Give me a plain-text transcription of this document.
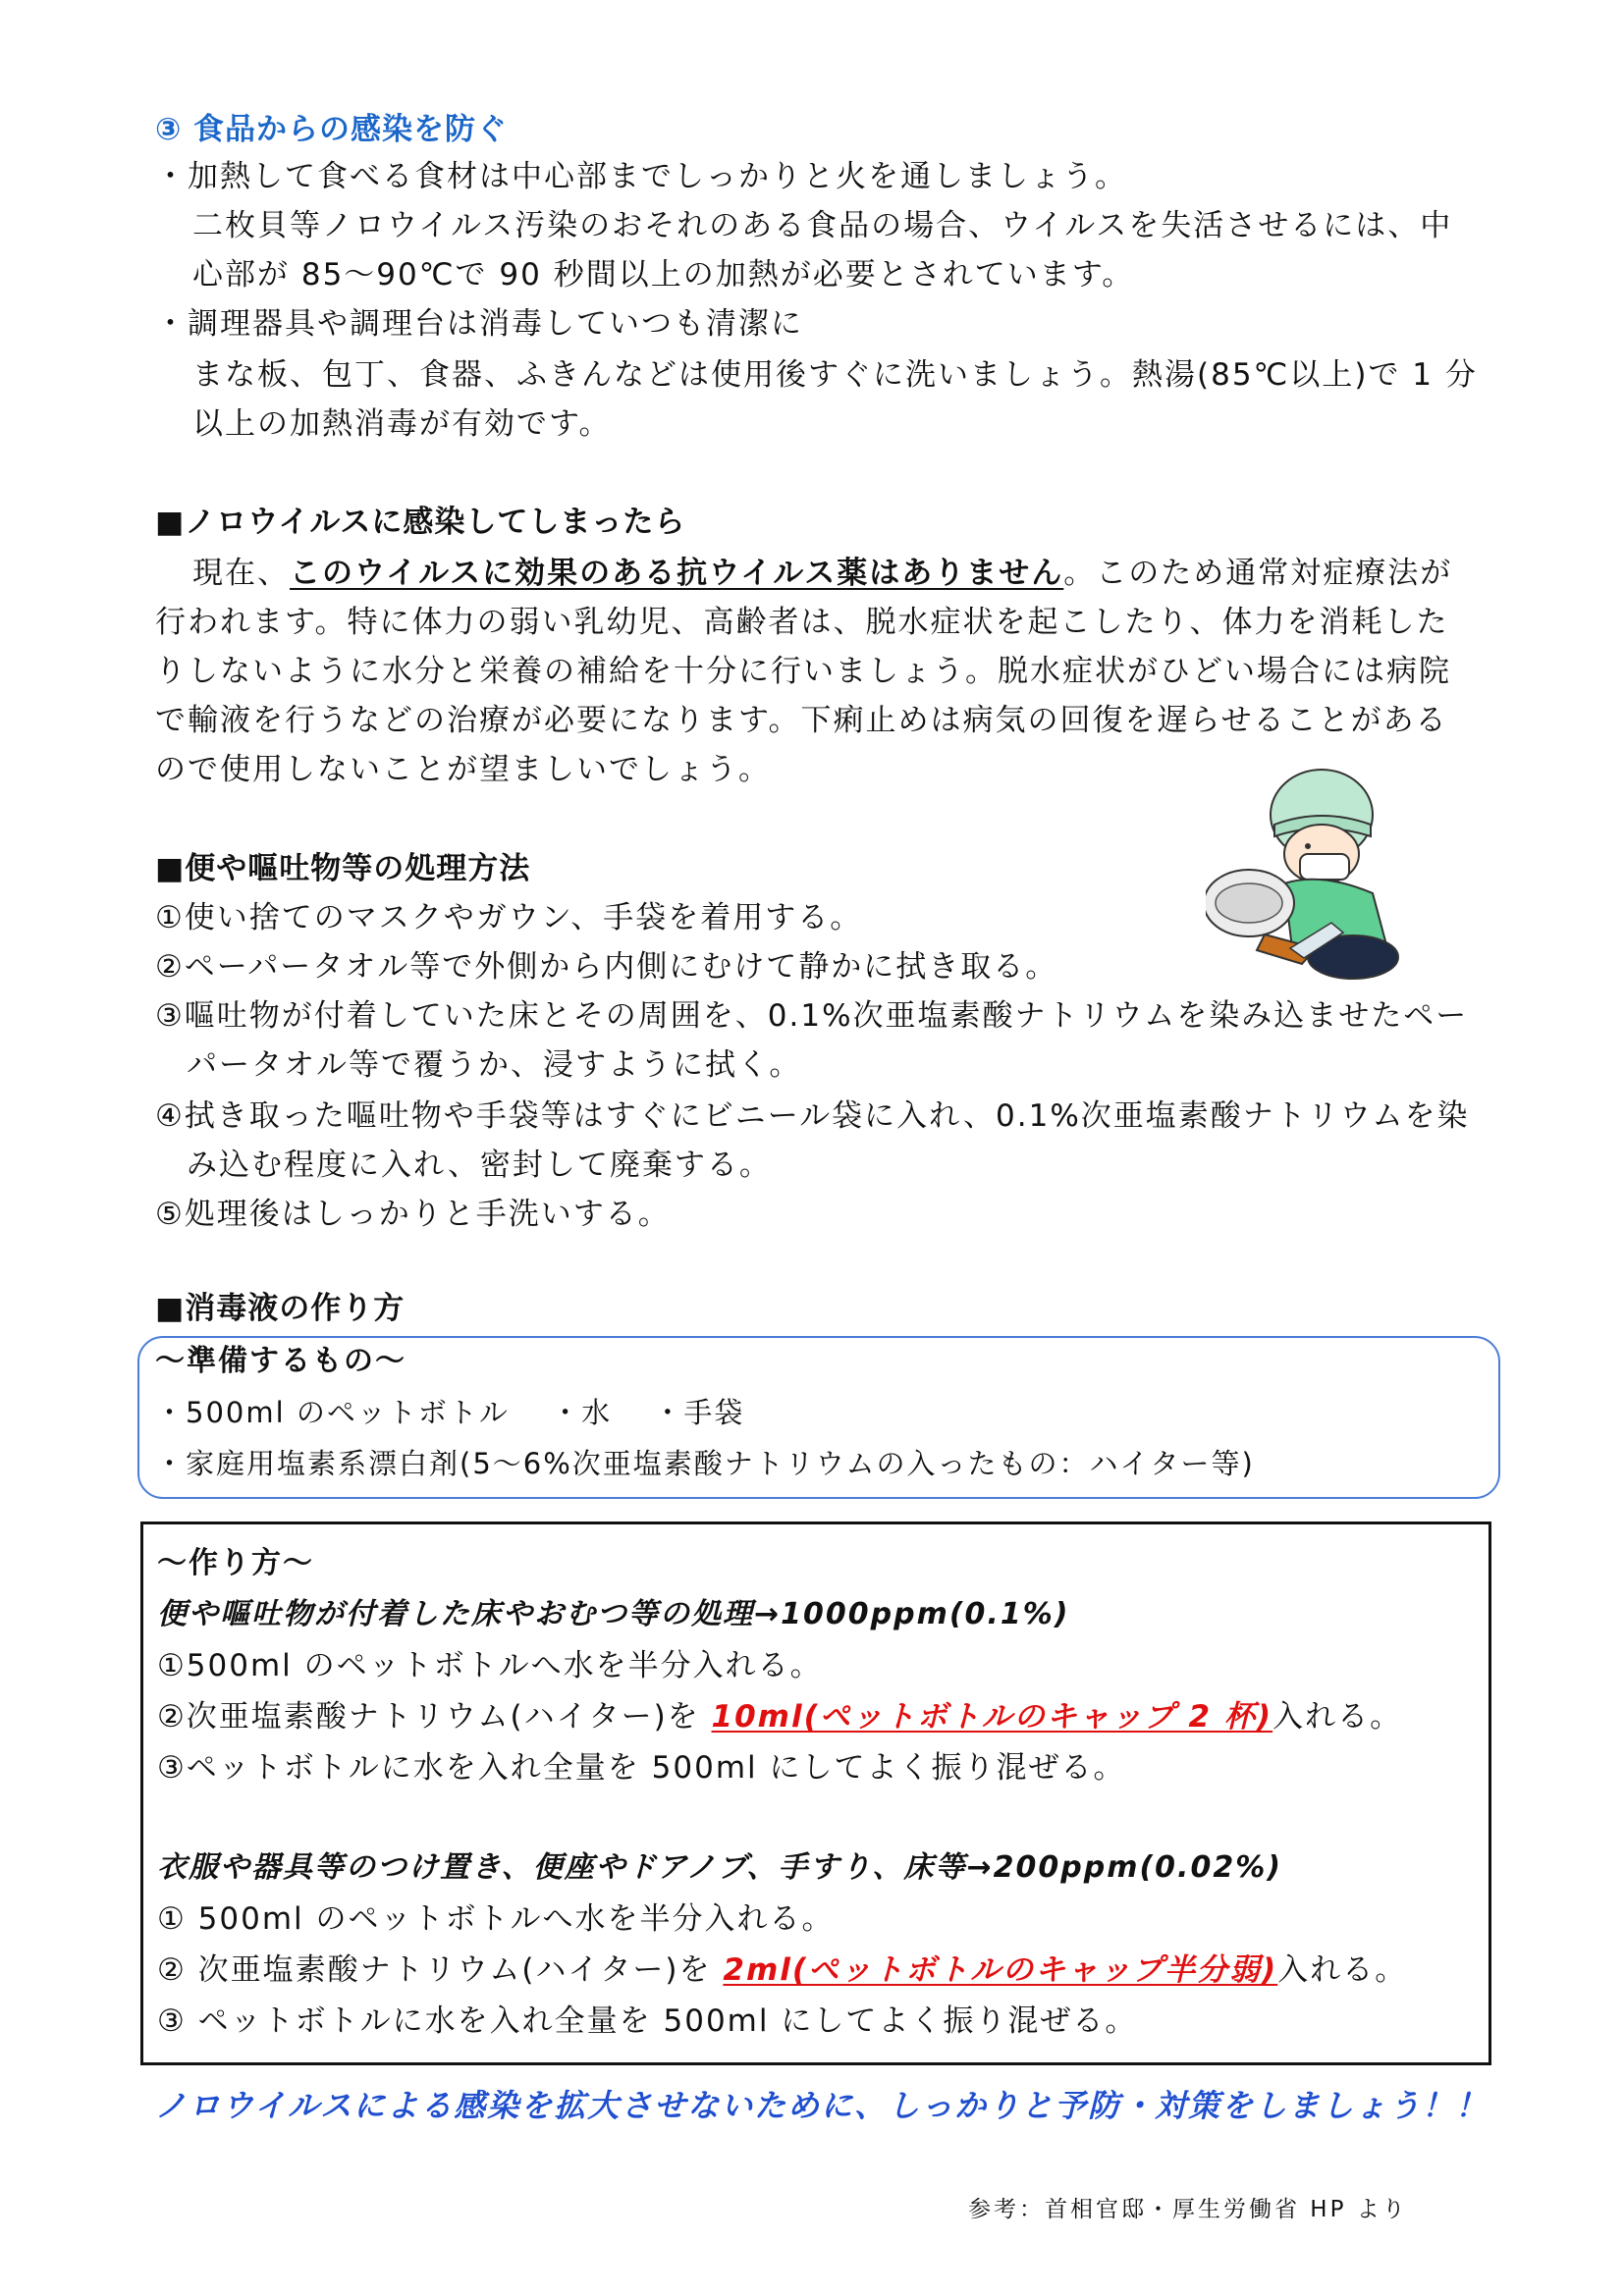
③ 食品からの感染を防ぐ
・加熱して食べる食材は中心部までしっかりと火を通しましょう。
二枚貝等ノロウイルス汚染のおそれのある食品の場合、ウイルスを失活させるには、中
心部が 85～90℃で 90 秒間以上の加熱が必要とされています。
・調理器具や調理台は消毒していつも清潔に
まな板、包丁、食器、ふきんなどは使用後すぐに洗いましょう。熱湯(85℃以上)で 1 分
以上の加熱消毒が有効です。
■ノロウイルスに感染してしまったら
現在、このウイルスに効果のある抗ウイルス薬はありません。このため通常対症療法が
行われます。特に体力の弱い乳幼児、高齢者は、脱水症状を起こしたり、体力を消耗した
りしないように水分と栄養の補給を十分に行いましょう。脱水症状がひどい場合には病院
で輸液を行うなどの治療が必要になります。下痢止めは病気の回復を遅らせることがある
ので使用しないことが望ましいでしょう。
■便や嘔吐物等の処理方法
①使い捨てのマスクやガウン、手袋を着用する。
②ペーパータオル等で外側から内側にむけて静かに拭き取る。
③嘔吐物が付着していた床とその周囲を、0.1%次亜塩素酸ナトリウムを染み込ませたペー
パータオル等で覆うか、浸すように拭く。
④拭き取った嘔吐物や手袋等はすぐにビニール袋に入れ、0.1%次亜塩素酸ナトリウムを染
み込む程度に入れ、密封して廃棄する。
⑤処理後はしっかりと手洗いする。
■消毒液の作り方
～準備するもの～
・500ml のペットボトル　 ・水　 ・手袋
・家庭用塩素系漂白剤(5～6%次亜塩素酸ナトリウムの入ったもの：ハイター等)
～作り方～
便や嘔吐物が付着した床やおむつ等の処理→1000ppm(0.1%)
①500ml のペットボトルへ水を半分入れる。
②次亜塩素酸ナトリウム(ハイター)を 10ml(ペットボトルのキャップ 2 杯)入れる。
③ペットボトルに水を入れ全量を 500ml にしてよく振り混ぜる。
衣服や器具等のつけ置き、便座やドアノブ、手すり、床等→200ppm(0.02%)
① 500ml のペットボトルへ水を半分入れる。
② 次亜塩素酸ナトリウム(ハイター)を 2ml(ペットボトルのキャップ半分弱)入れる。
③ ペットボトルに水を入れ全量を 500ml にしてよく振り混ぜる。
ノロウイルスによる感染を拡大させないために、しっかりと予防・対策をしましょう！！
参考：首相官邸・厚生労働省 HP より
